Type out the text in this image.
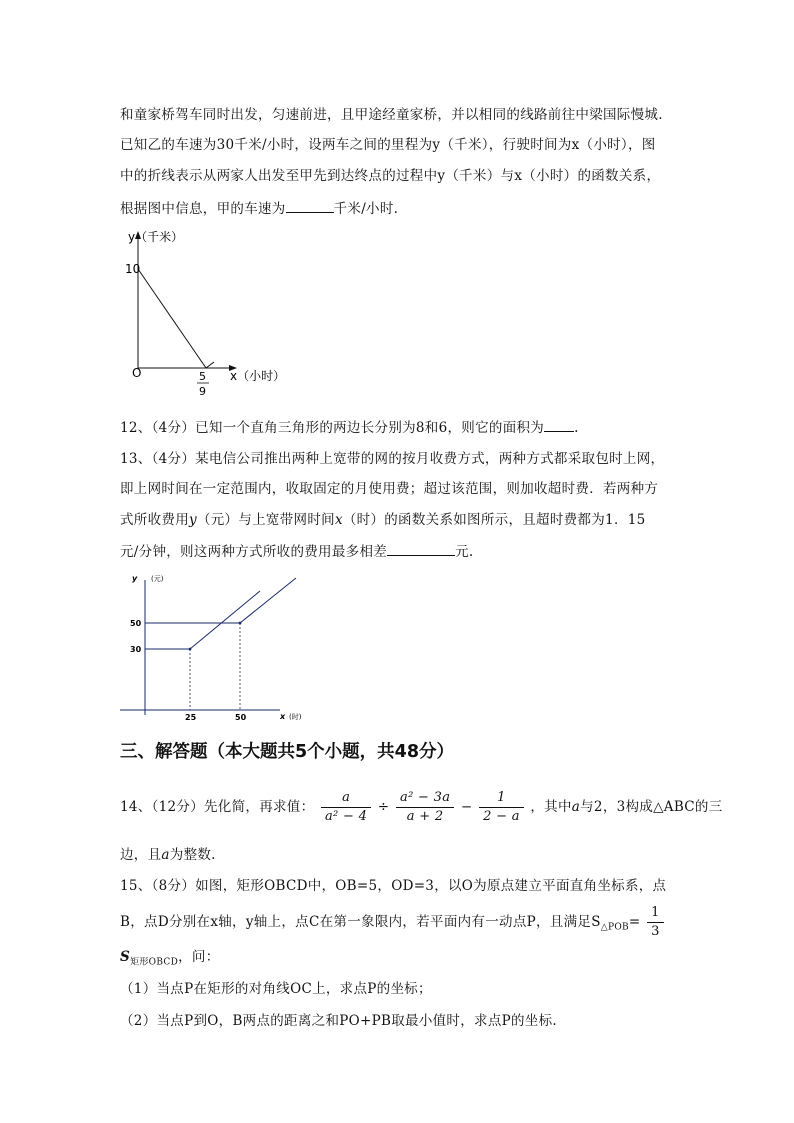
和童家桥驾车同时出发，匀速前进，且甲途经童家桥，并以相同的线路前往中梁国际慢城.
已知乙的车速为30千米/小时，设两车之间的里程为y（千米），行驶时间为x（小时），图
中的折线表示从两家人出发至甲先到达终点的过程中y（千米）与x（小时）的函数关系，
根据图中信息，甲的车速为	千米/小时.
y（千米）
10
O	x（小时）
5
9
12、（4分）已知一个直角三角形的两边长分别为8和6，则它的面积为 .
13、（4分）某电信公司推出两种上宽带的网的按月收费方式，两种方式都采取包时上网，
即上网时间在一定范围内，收取固定的月使用费；超过该范围，则加收超时费．若两种方
式所收费用y（元）与上宽带网时间x（时）的函数关系如图所示，且超时费都为1．15
元/分钟，则这两种方式所收的费用最多相差	元.
y (元)
50
30
25	50	x (时)
三、解答题（本大题共5个小题，共48分）
14、（12分）先化简，再求值： $\frac{a}{\text{a² − 4}} \div \frac{\text{a² − 3a}}{a + 2} - \frac{1}{2 - a}$ ，其中a与2，3构成△ABC的三
边，且a为整数.
15、（8分）如图，矩形OBCD中，OB=5，OD=3，以O为原点建立平面直角坐标系，点
B，点D分别在x轴，y轴上，点C在第一象限内，若平面内有一动点P，且满足$S_{\triangle POB}= \frac{1}{3}$
$S_{矩形OBCD}$，问：
（1）当点P在矩形的对角线OC上，求点P的坐标；
（2）当点P到O，B两点的距离之和PO+PB取最小值时，求点P的坐标.
